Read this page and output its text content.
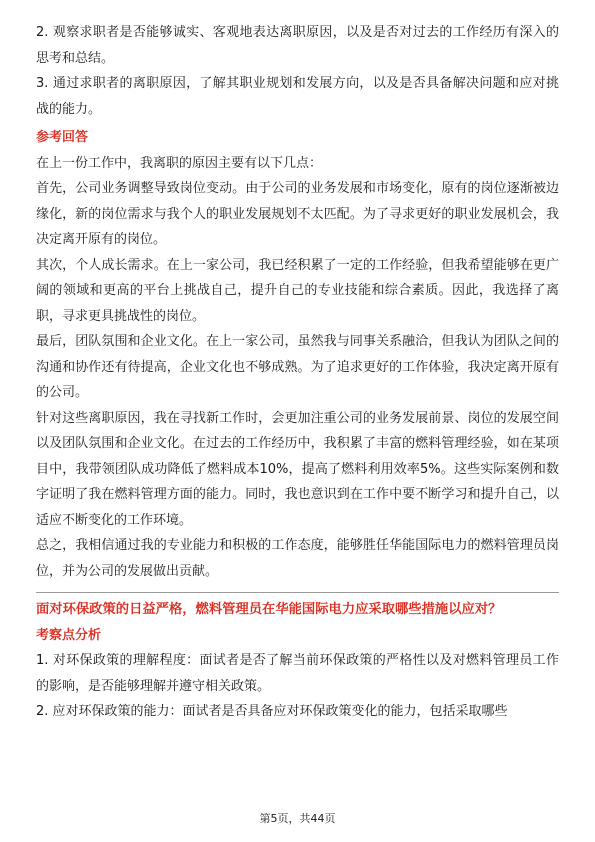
2. 观察求职者是否能够诚实、客观地表达离职原因，以及是否对过去的工作经历有深入的思考和总结。

3. 通过求职者的离职原因，了解其职业规划和发展方向，以及是否具备解决问题和应对挑战的能力。

参考回答

在上一份工作中，我离职的原因主要有以下几点：

首先，公司业务调整导致岗位变动。由于公司的业务发展和市场变化，原有的岗位逐渐被边缘化，新的岗位需求与我个人的职业发展规划不太匹配。为了寻求更好的职业发展机会，我决定离开原有的岗位。

其次，个人成长需求。在上一家公司，我已经积累了一定的工作经验，但我希望能够在更广阔的领域和更高的平台上挑战自己，提升自己的专业技能和综合素质。因此，我选择了离职，寻求更具挑战性的岗位。

最后，团队氛围和企业文化。在上一家公司，虽然我与同事关系融洽，但我认为团队之间的沟通和协作还有待提高，企业文化也不够成熟。为了追求更好的工作体验，我决定离开原有的公司。

针对这些离职原因，我在寻找新工作时，会更加注重公司的业务发展前景、岗位的发展空间以及团队氛围和企业文化。在过去的工作经历中，我积累了丰富的燃料管理经验，如在某项目中，我带领团队成功降低了燃料成本10%，提高了燃料利用效率5%。这些实际案例和数字证明了我在燃料管理方面的能力。同时，我也意识到在工作中要不断学习和提升自己，以适应不断变化的工作环境。

总之，我相信通过我的专业能力和积极的工作态度，能够胜任华能国际电力的燃料管理员岗位，并为公司的发展做出贡献。

面对环保政策的日益严格，燃料管理员在华能国际电力应采取哪些措施以应对？

考察点分析

1. 对环保政策的理解程度：面试者是否了解当前环保政策的严格性以及对燃料管理员工作的影响，是否能够理解并遵守相关政策。

2. 应对环保政策的能力：面试者是否具备应对环保政策变化的能力，包括采取哪些

第5页，共44页
